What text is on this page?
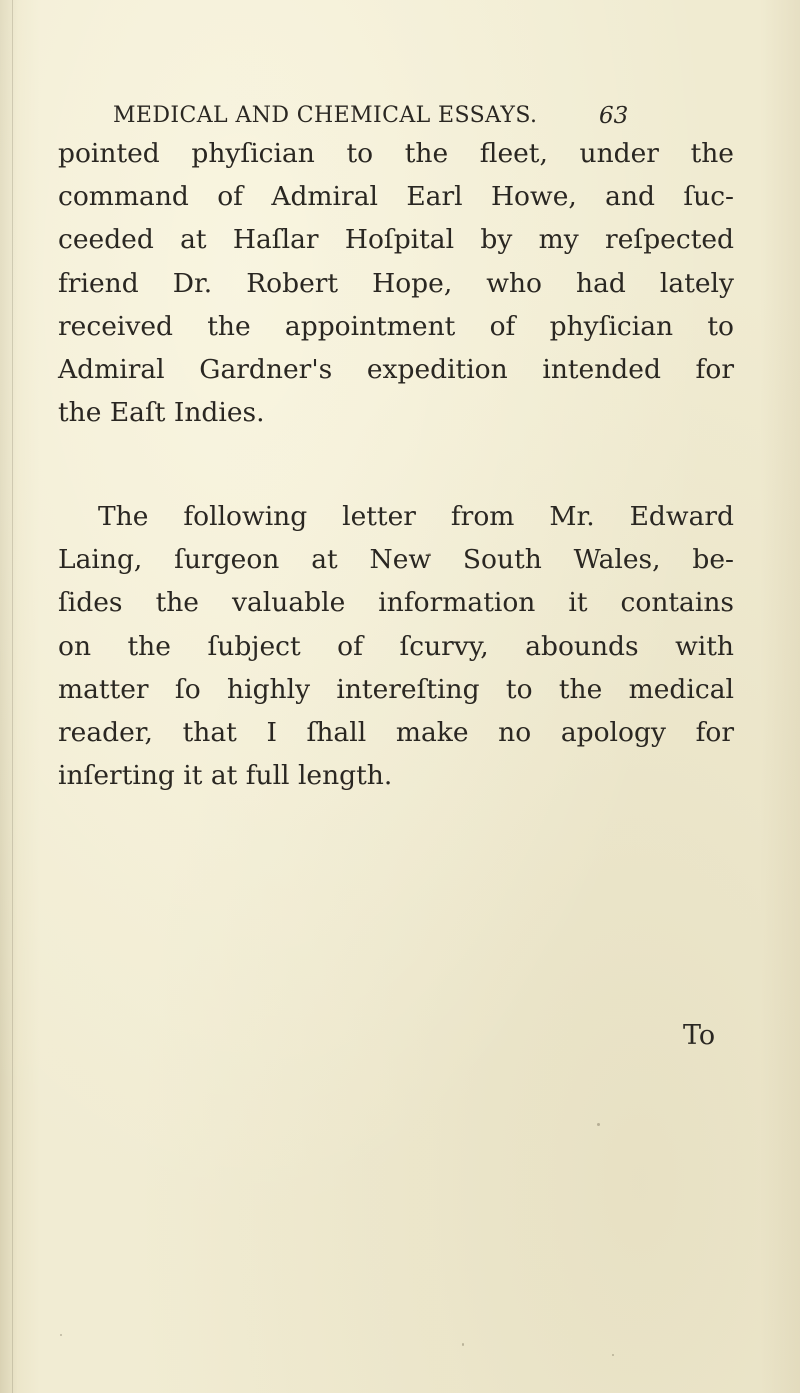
MEDICAL AND CHEMICAL ESSAYS.	63
pointed phyſician to the fleet, under the
command of Admiral Earl Howe, and ſuc-
ceeded at Haſlar Hoſpital by my reſpected
friend Dr. Robert Hope, who had lately
received the appointment of phyſician to
Admiral Gardner's expedition intended for
the Eaſt Indies.
The following letter from Mr. Edward
Laing, ſurgeon at New South Wales, be-
ſides the valuable information it contains
on the ſubject of ſcurvy, abounds with
matter ſo highly intereſting to the medical
reader, that I ſhall make no apology for
inſerting it at full length.
To
